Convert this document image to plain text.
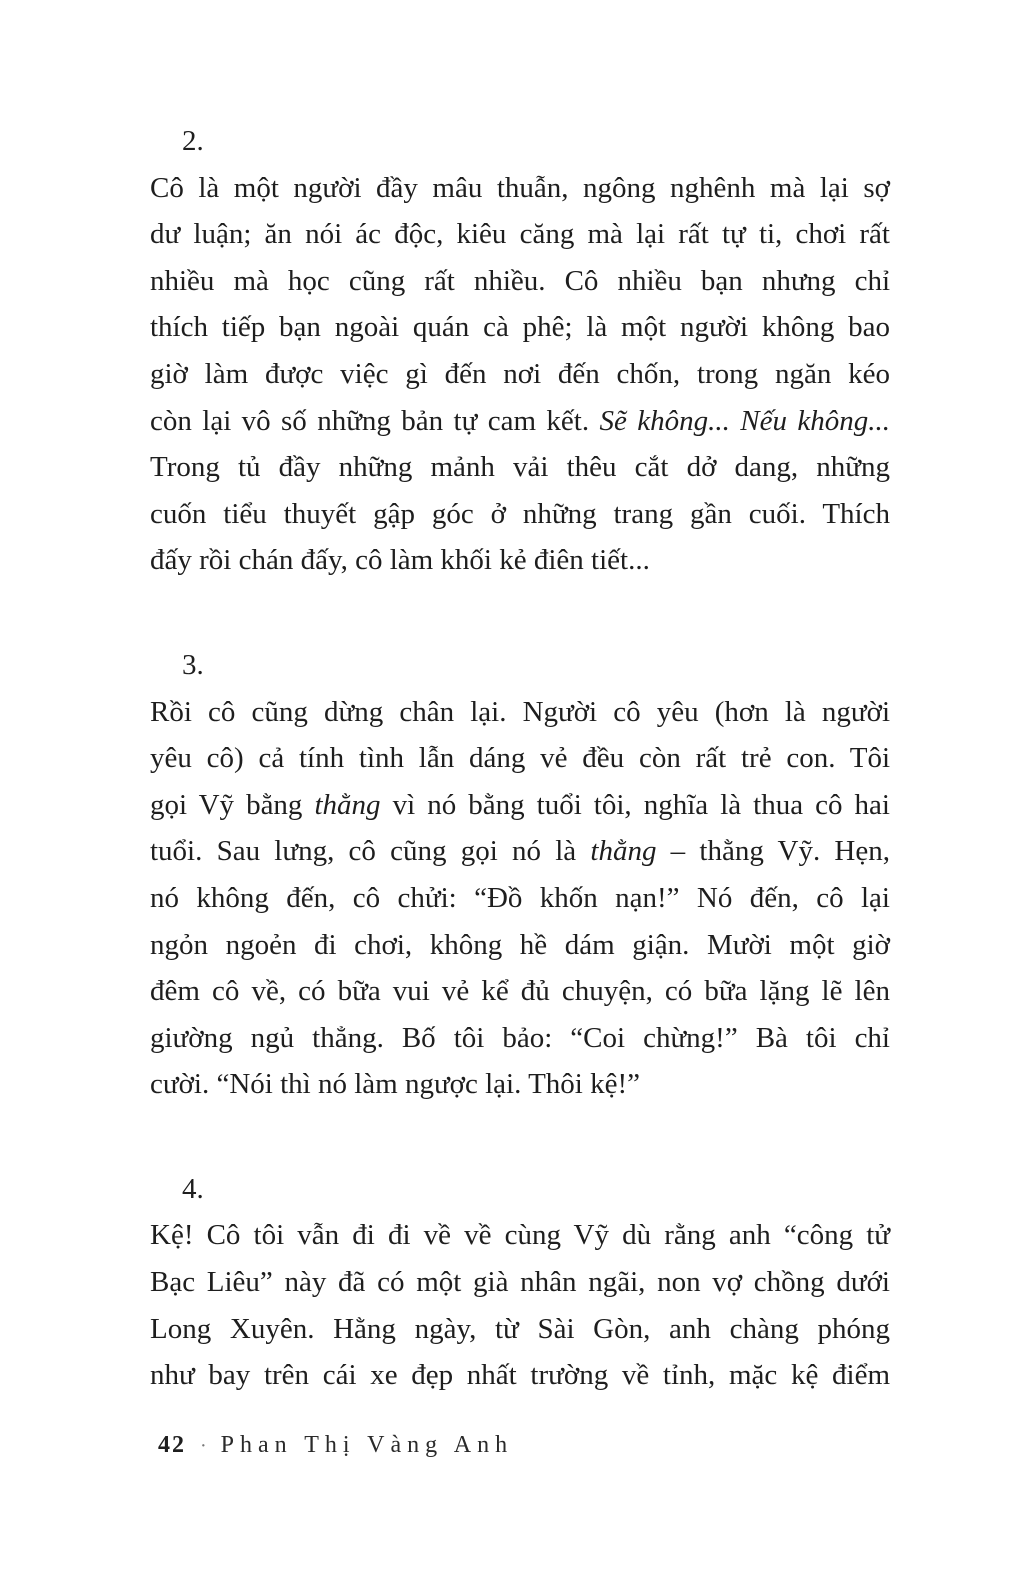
2.
Cô là một người đầy mâu thuẫn, ngông nghênh mà lại sợ
dư luận; ăn nói ác độc, kiêu căng mà lại rất tự ti, chơi rất
nhiều mà học cũng rất nhiều. Cô nhiều bạn nhưng chỉ
thích tiếp bạn ngoài quán cà phê; là một người không bao
giờ làm được việc gì đến nơi đến chốn, trong ngăn kéo
còn lại vô số những bản tự cam kết. Sẽ không... Nếu không...
Trong tủ đầy những mảnh vải thêu cắt dở dang, những
cuốn tiểu thuyết gập góc ở những trang gần cuối. Thích
đấy rồi chán đấy, cô làm khối kẻ điên tiết...
3.
Rồi cô cũng dừng chân lại. Người cô yêu (hơn là người
yêu cô) cả tính tình lẫn dáng vẻ đều còn rất trẻ con. Tôi
gọi Vỹ bằng thằng vì nó bằng tuổi tôi, nghĩa là thua cô hai
tuổi. Sau lưng, cô cũng gọi nó là thằng – thằng Vỹ. Hẹn,
nó không đến, cô chửi: “Đồ khốn nạn!” Nó đến, cô lại
ngỏn ngoẻn đi chơi, không hề dám giận. Mười một giờ
đêm cô về, có bữa vui vẻ kể đủ chuyện, có bữa lặng lẽ lên
giường ngủ thẳng. Bố tôi bảo: “Coi chừng!” Bà tôi chỉ
cười. “Nói thì nó làm ngược lại. Thôi kệ!”
4.
Kệ! Cô tôi vẫn đi đi về về cùng Vỹ dù rằng anh “công tử
Bạc Liêu” này đã có một già nhân ngãi, non vợ chồng dưới
Long Xuyên. Hằng ngày, từ Sài Gòn, anh chàng phóng
như bay trên cái xe đẹp nhất trường về tỉnh, mặc kệ điểm
42 · Phan Thị Vàng Anh
